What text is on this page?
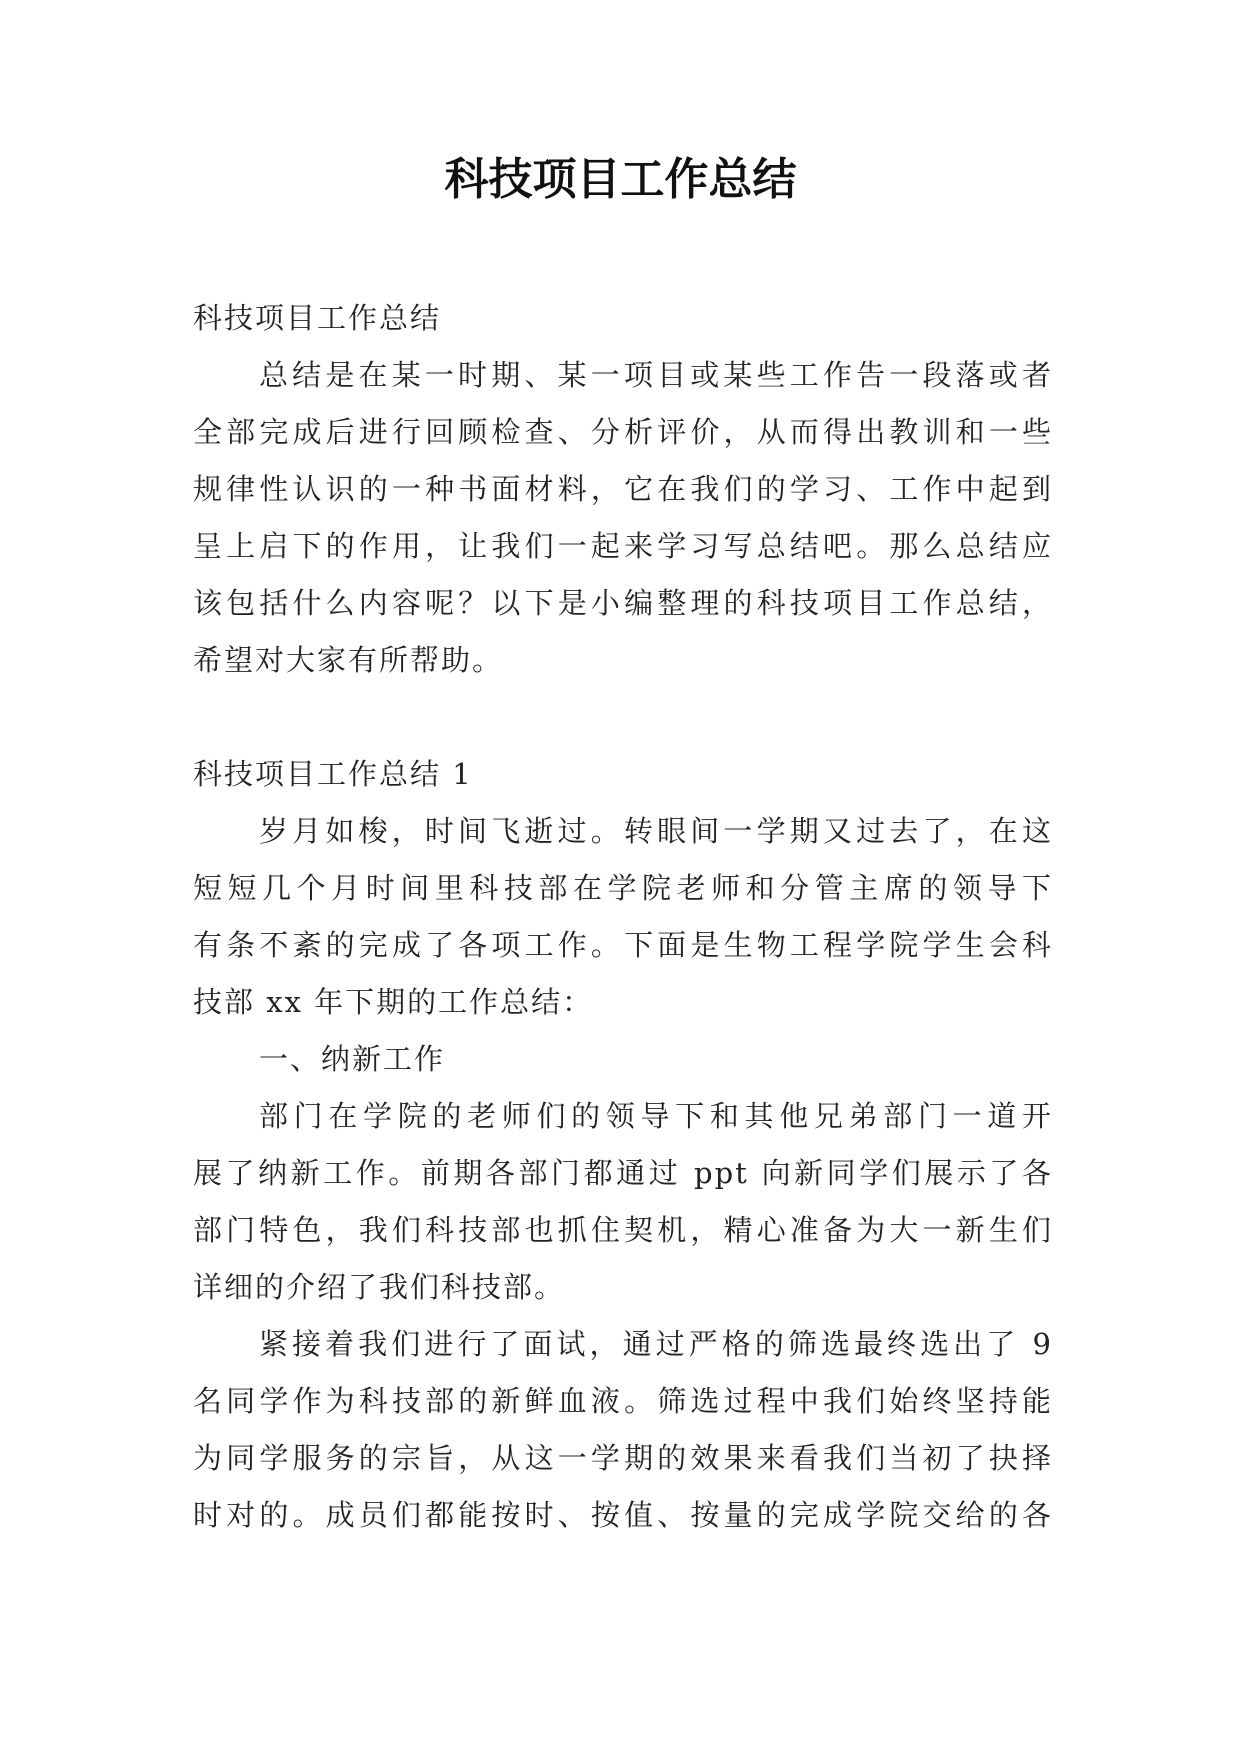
科技项目工作总结
科技项目工作总结
总结是在某一时期、某一项目或某些工作告一段落或者
全部完成后进行回顾检查、分析评价，从而得出教训和一些
规律性认识的一种书面材料，它在我们的学习、工作中起到
呈上启下的作用，让我们一起来学习写总结吧。那么总结应
该包括什么内容呢？以下是小编整理的科技项目工作总结，
希望对大家有所帮助。
科技项目工作总结 1
岁月如梭，时间飞逝过。转眼间一学期又过去了，在这
短短几个月时间里科技部在学院老师和分管主席的领导下
有条不紊的完成了各项工作。下面是生物工程学院学生会科
技部 xx 年下期的工作总结：
一、纳新工作
部门在学院的老师们的领导下和其他兄弟部门一道开
展了纳新工作。前期各部门都通过 ppt 向新同学们展示了各
部门特色，我们科技部也抓住契机，精心准备为大一新生们
详细的介绍了我们科技部。
紧接着我们进行了面试，通过严格的筛选最终选出了 9
名同学作为科技部的新鲜血液。筛选过程中我们始终坚持能
为同学服务的宗旨，从这一学期的效果来看我们当初了抉择
时对的。成员们都能按时、按值、按量的完成学院交给的各
